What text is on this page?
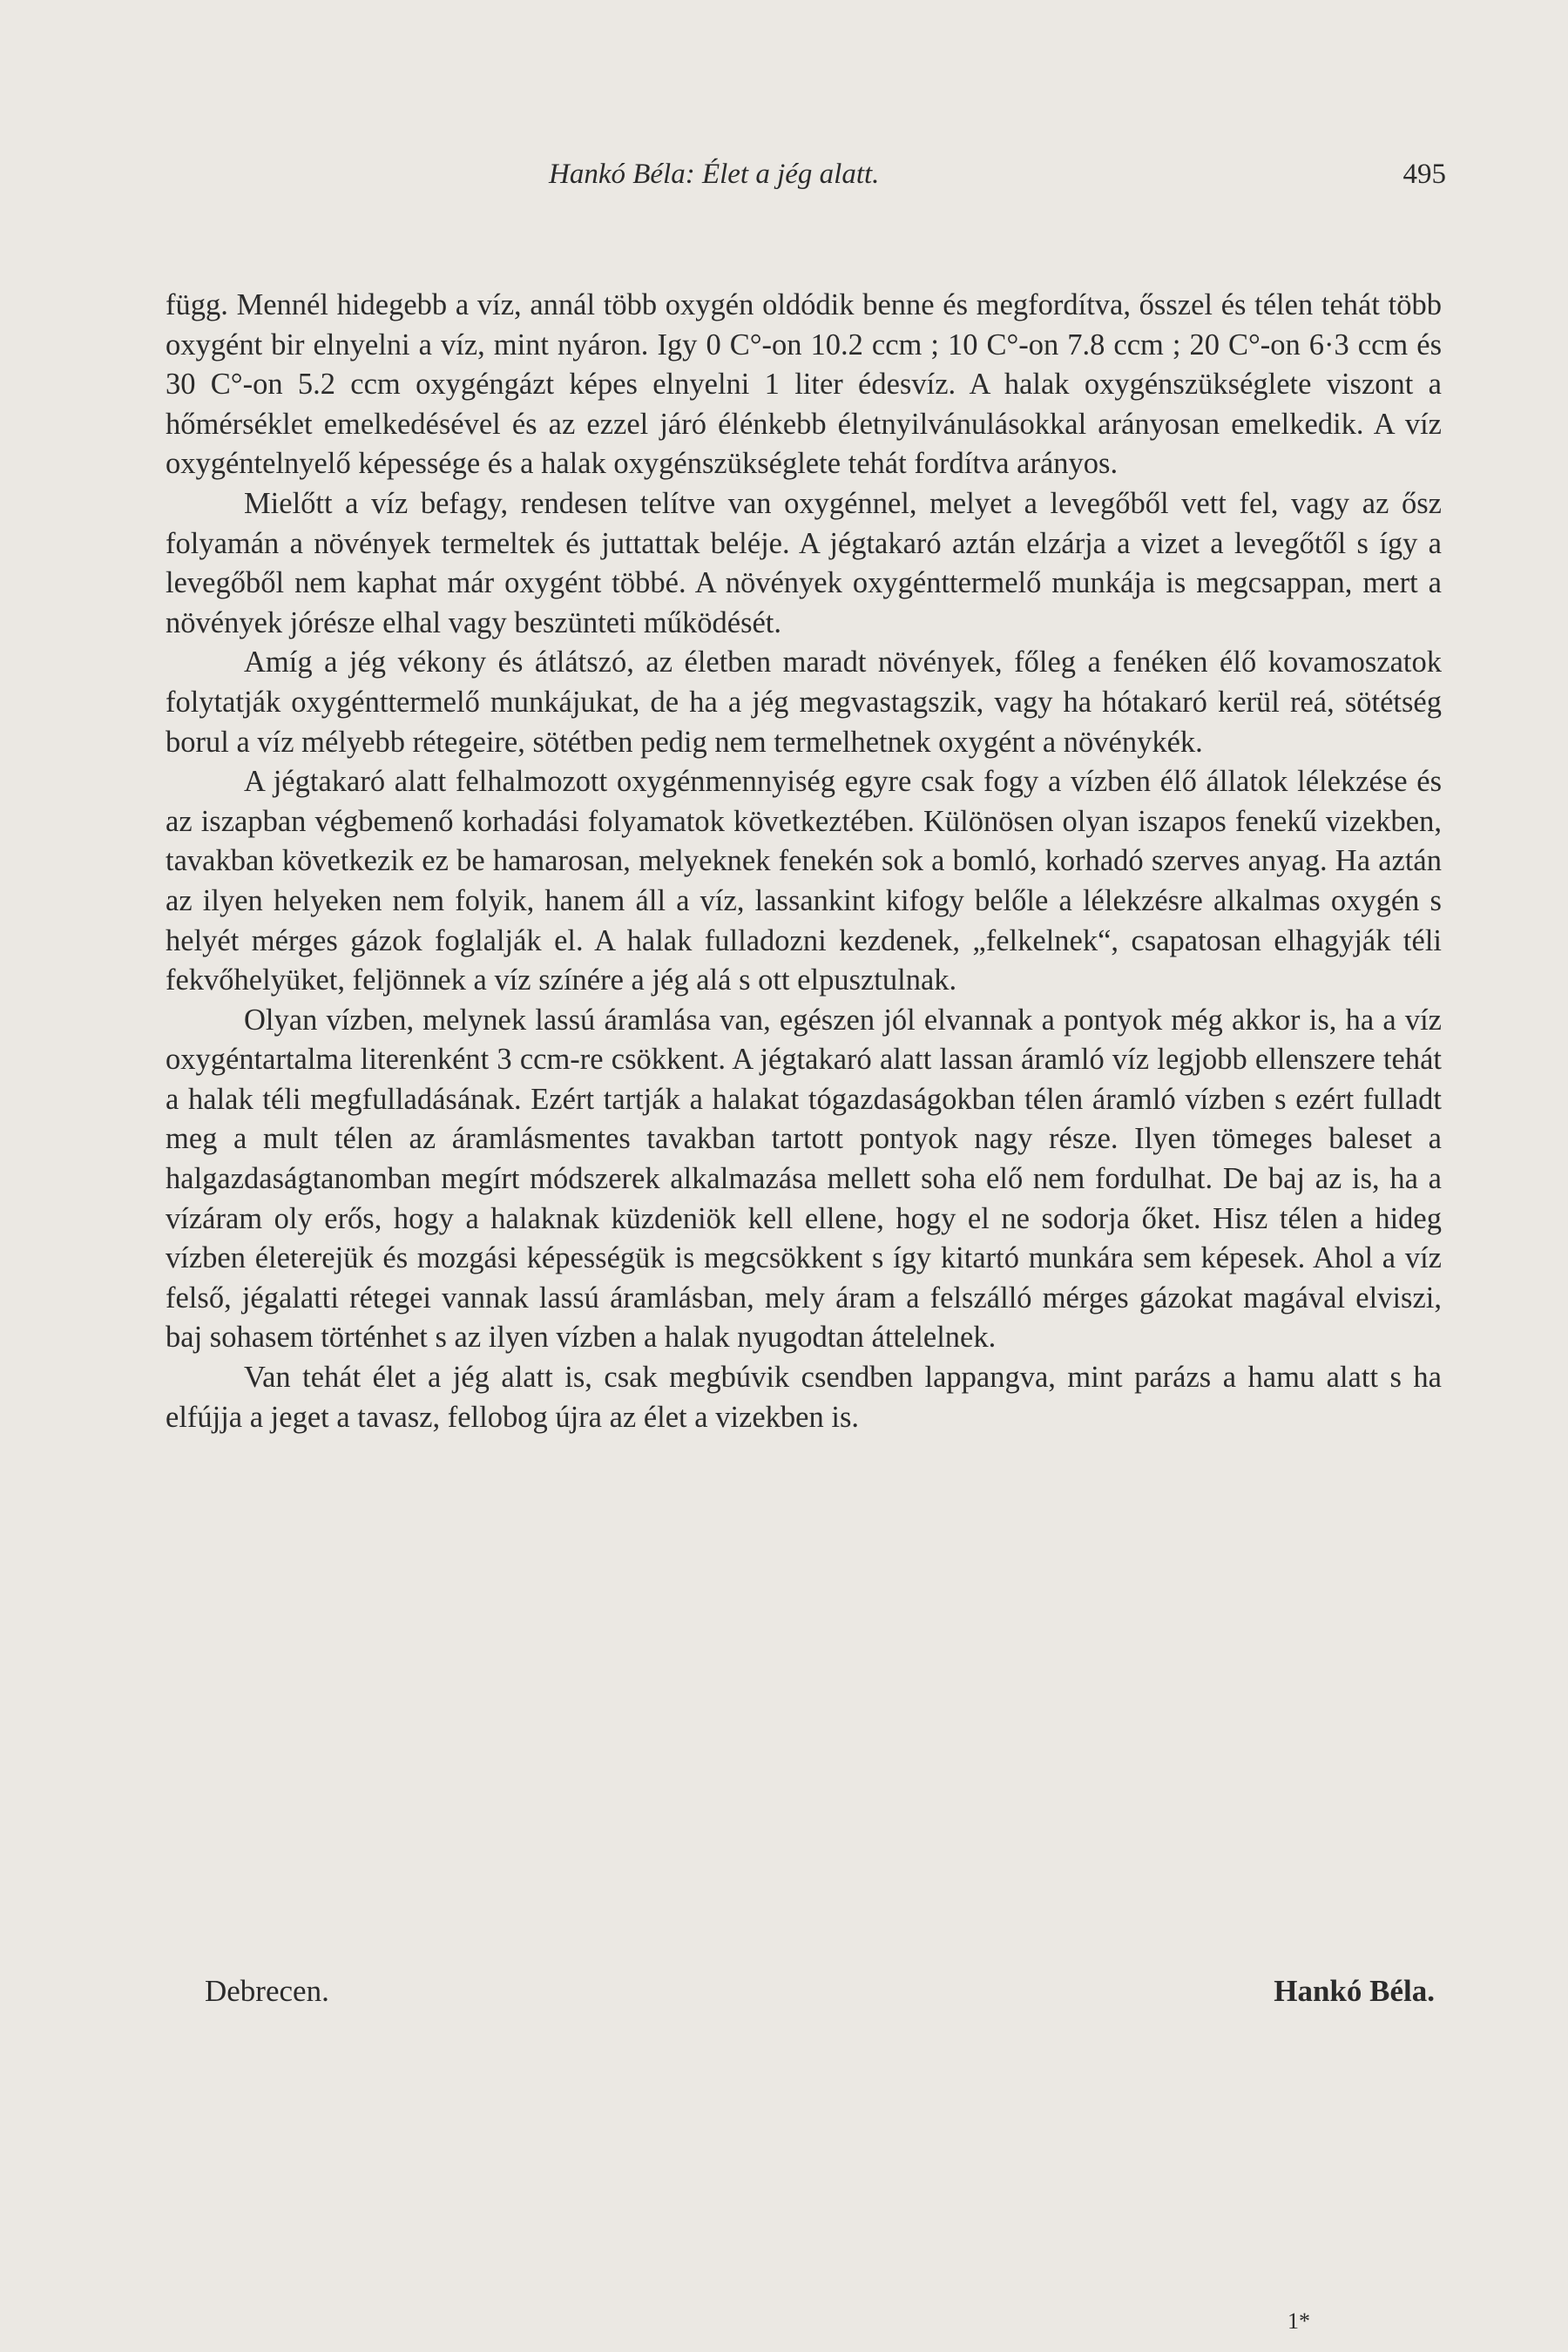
Hankó Béla: Élet a jég alatt.	495

függ. Mennél hidegebb a víz, annál több oxygén oldódik benne és megfordítva, ősszel és télen tehát több oxygént bir elnyelni a víz, mint nyáron. Igy 0 C°-on 10.2 ccm ; 10 C°-on 7.8 ccm ; 20 C°-on 6·3 ccm és 30 C°-on 5.2 ccm oxygéngázt képes elnyelni 1 liter édesvíz. A halak oxygénszükséglete viszont a hőmérséklet emelkedésével és az ezzel járó élénkebb életnyilvánulásokkal arányosan emelkedik. A víz oxygéntelnyelő képessége és a halak oxygénszükséglete tehát fordítva arányos.

Mielőtt a víz befagy, rendesen telítve van oxygénnel, melyet a levegőből vett fel, vagy az ősz folyamán a növények termeltek és juttattak beléje. A jégtakaró aztán elzárja a vizet a levegőtől s így a levegőből nem kaphat már oxygént többé. A növények oxygénttermelő munkája is megcsappan, mert a növények jórésze elhal vagy beszünteti működését.

Amíg a jég vékony és átlátszó, az életben maradt növények, főleg a fenéken élő kovamoszatok folytatják oxygénttermelő munkájukat, de ha a jég megvastagszik, vagy ha hótakaró kerül reá, sötétség borul a víz mélyebb rétegeire, sötétben pedig nem termelhetnek oxygént a növénykék.

A jégtakaró alatt felhalmozott oxygénmennyiség egyre csak fogy a vízben élő állatok lélekzése és az iszapban végbemenő korhadási folyamatok következtében. Különösen olyan iszapos fenekű vizekben, tavakban következik ez be hamarosan, melyeknek fenekén sok a bomló, korhadó szerves anyag. Ha aztán az ilyen helyeken nem folyik, hanem áll a víz, lassankint kifogy belőle a lélekzésre alkalmas oxygén s helyét mérges gázok foglalják el. A halak fulladozni kezdenek, „felkelnek“, csapatosan elhagyják téli fekvőhelyüket, feljönnek a víz színére a jég alá s ott elpusztulnak.

Olyan vízben, melynek lassú áramlása van, egészen jól elvannak a pontyok még akkor is, ha a víz oxygéntartalma literenként 3 ccm-re csökkent. A jégtakaró alatt lassan áramló víz legjobb ellenszere tehát a halak téli megfulladásának. Ezért tartják a halakat tógazdaságokban télen áramló vízben s ezért fulladt meg a mult télen az áramlásmentes tavakban tartott pontyok nagy része. Ilyen tömeges baleset a halgazdaságtanomban megírt módszerek alkalmazása mellett soha elő nem fordulhat. De baj az is, ha a vízáram oly erős, hogy a halaknak küzdeniök kell ellene, hogy el ne sodorja őket. Hisz télen a hideg vízben életerejük és mozgási képességük is megcsökkent s így kitartó munkára sem képesek. Ahol a víz felső, jégalatti rétegei vannak lassú áramlásban, mely áram a felszálló mérges gázokat magával elviszi, baj sohasem történhet s az ilyen vízben a halak nyugodtan áttelelnek.

Van tehát élet a jég alatt is, csak megbúvik csendben lappangva, mint parázs a hamu alatt s ha elfújja a jeget a tavasz, fellobog újra az élet a vizekben is.

Debrecen.	Hankó Béla.
1*
